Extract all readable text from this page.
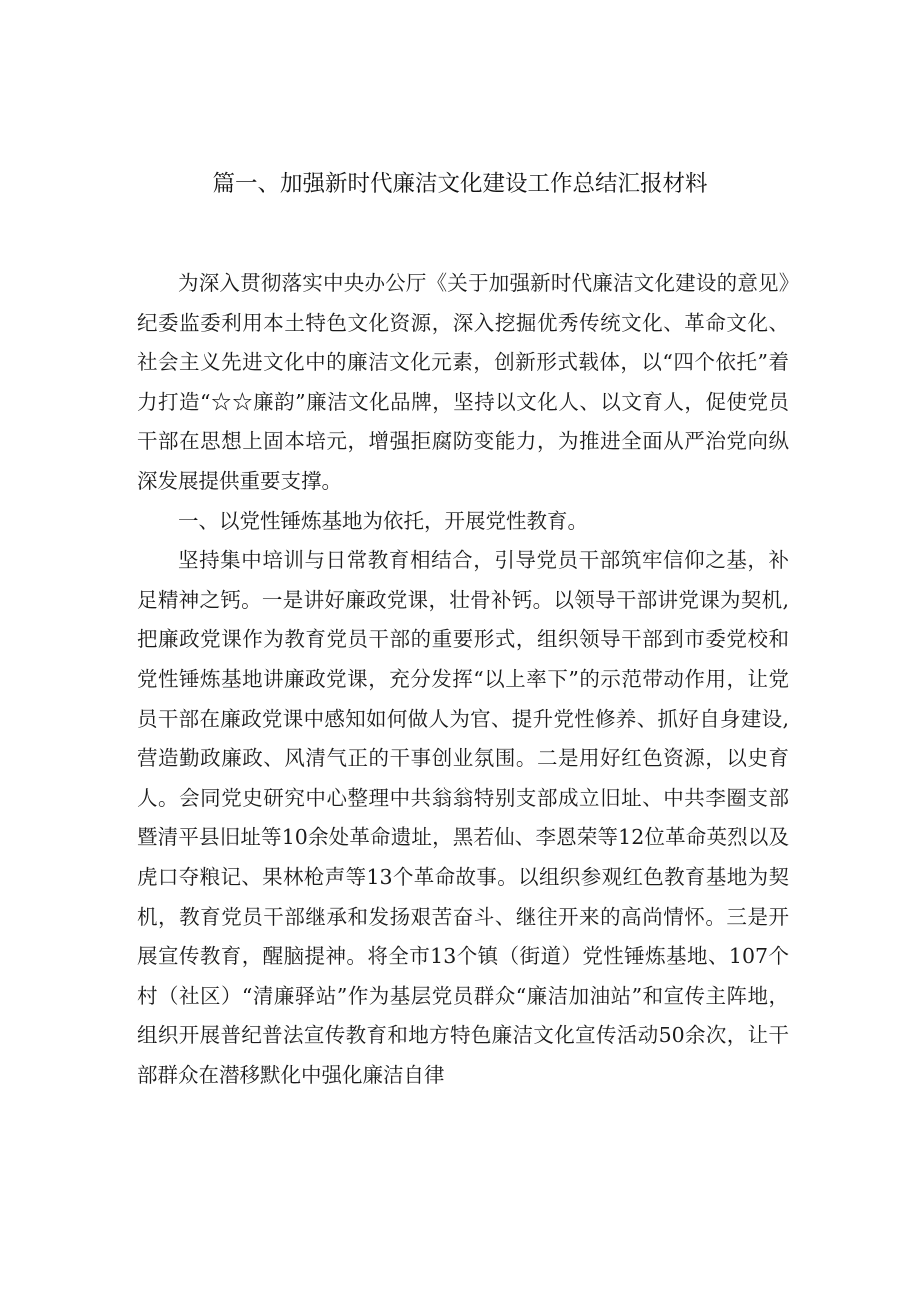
篇一、加强新时代廉洁文化建设工作总结汇报材料

为深入贯彻落实中央办公厅《关于加强新时代廉洁文化建设的意见》纪委监委利用本土特色文化资源，深入挖掘优秀传统文化、革命文化、社会主义先进文化中的廉洁文化元素，创新形式载体，以“四个依托”着力打造“☆☆廉韵”廉洁文化品牌，坚持以文化人、以文育人，促使党员干部在思想上固本培元，增强拒腐防变能力，为推进全面从严治党向纵深发展提供重要支撑。

一、以党性锤炼基地为依托，开展党性教育。

坚持集中培训与日常教育相结合，引导党员干部筑牢信仰之基，补足精神之钙。一是讲好廉政党课，壮骨补钙。以领导干部讲党课为契机,把廉政党课作为教育党员干部的重要形式，组织领导干部到市委党校和党性锤炼基地讲廉政党课，充分发挥“以上率下”的示范带动作用，让党员干部在廉政党课中感知如何做人为官、提升党性修养、抓好自身建设,营造勤政廉政、风清气正的干事创业氛围。二是用好红色资源，以史育人。会同党史研究中心整理中共翁翁特别支部成立旧址、中共李圈支部暨清平县旧址等10余处革命遗址，黑若仙、李恩荣等12位革命英烈以及虎口夺粮记、果林枪声等13个革命故事。以组织参观红色教育基地为契机，教育党员干部继承和发扬艰苦奋斗、继往开来的高尚情怀。三是开展宣传教育，醒脑提神。将全市13个镇（街道）党性锤炼基地、107个村（社区）“清廉驿站”作为基层党员群众“廉洁加油站”和宣传主阵地，组织开展普纪普法宣传教育和地方特色廉洁文化宣传活动50余次，让干部群众在潜移默化中强化廉洁自律
